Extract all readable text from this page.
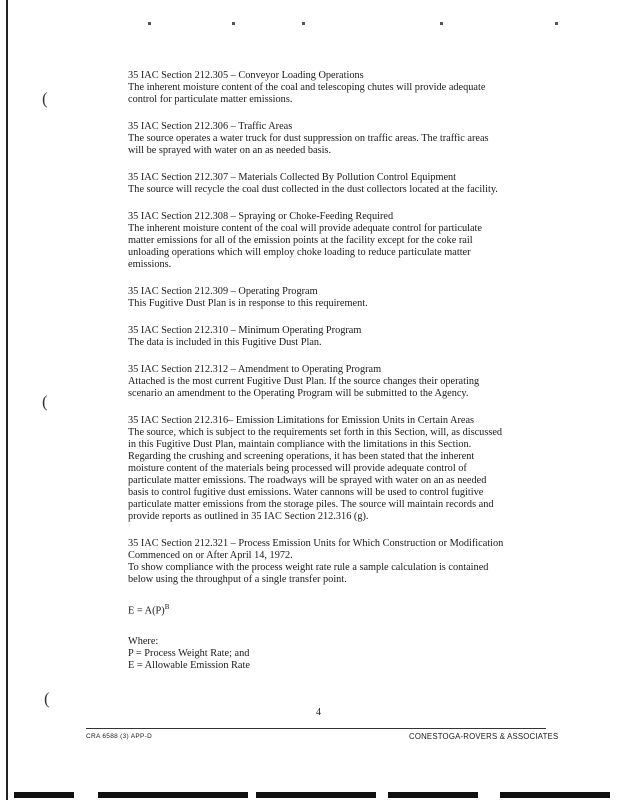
(
(
(
35 IAC Section 212.305 – Conveyor Loading Operations
The inherent moisture content of the coal and telescoping chutes will provide adequate
control for particulate matter emissions.
35 IAC Section 212.306 – Traffic Areas
The source operates a water truck for dust suppression on traffic areas. The traffic areas
will be sprayed with water on an as needed basis.
35 IAC Section 212.307 – Materials Collected By Pollution Control Equipment
The source will recycle the coal dust collected in the dust collectors located at the facility.
35 IAC Section 212.308 – Spraying or Choke-Feeding Required
The inherent moisture content of the coal will provide adequate control for particulate
matter emissions for all of the emission points at the facility except for the coke rail
unloading operations which will employ choke loading to reduce particulate matter
emissions.
35 IAC Section 212.309 – Operating Program
This Fugitive Dust Plan is in response to this requirement.
35 IAC Section 212.310 – Minimum Operating Program
The data is included in this Fugitive Dust Plan.
35 IAC Section 212.312 – Amendment to Operating Program
Attached is the most current Fugitive Dust Plan. If the source changes their operating
scenario an amendment to the Operating Program will be submitted to the Agency.
35 IAC Section 212.316– Emission Limitations for Emission Units in Certain Areas
The source, which is subject to the requirements set forth in this Section, will, as discussed
in this Fugitive Dust Plan, maintain compliance with the limitations in this Section.
Regarding the crushing and screening operations, it has been stated that the inherent
moisture content of the materials being processed will provide adequate control of
particulate matter emissions. The roadways will be sprayed with water on an as needed
basis to control fugitive dust emissions. Water cannons will be used to control fugitive
particulate matter emissions from the storage piles. The source will maintain records and
provide reports as outlined in 35 IAC Section 212.316 (g).
35 IAC Section 212.321 – Process Emission Units for Which Construction or Modification
Commenced on or After April 14, 1972.
To show compliance with the process weight rate rule a sample calculation is contained
below using the throughput of a single transfer point.
$E = A(P)^B$
Where:
P = Process Weight Rate; and
E = Allowable Emission Rate
4
CRA 6588 (3) APP-D	CONESTOGA-ROVERS & ASSOCIATES
